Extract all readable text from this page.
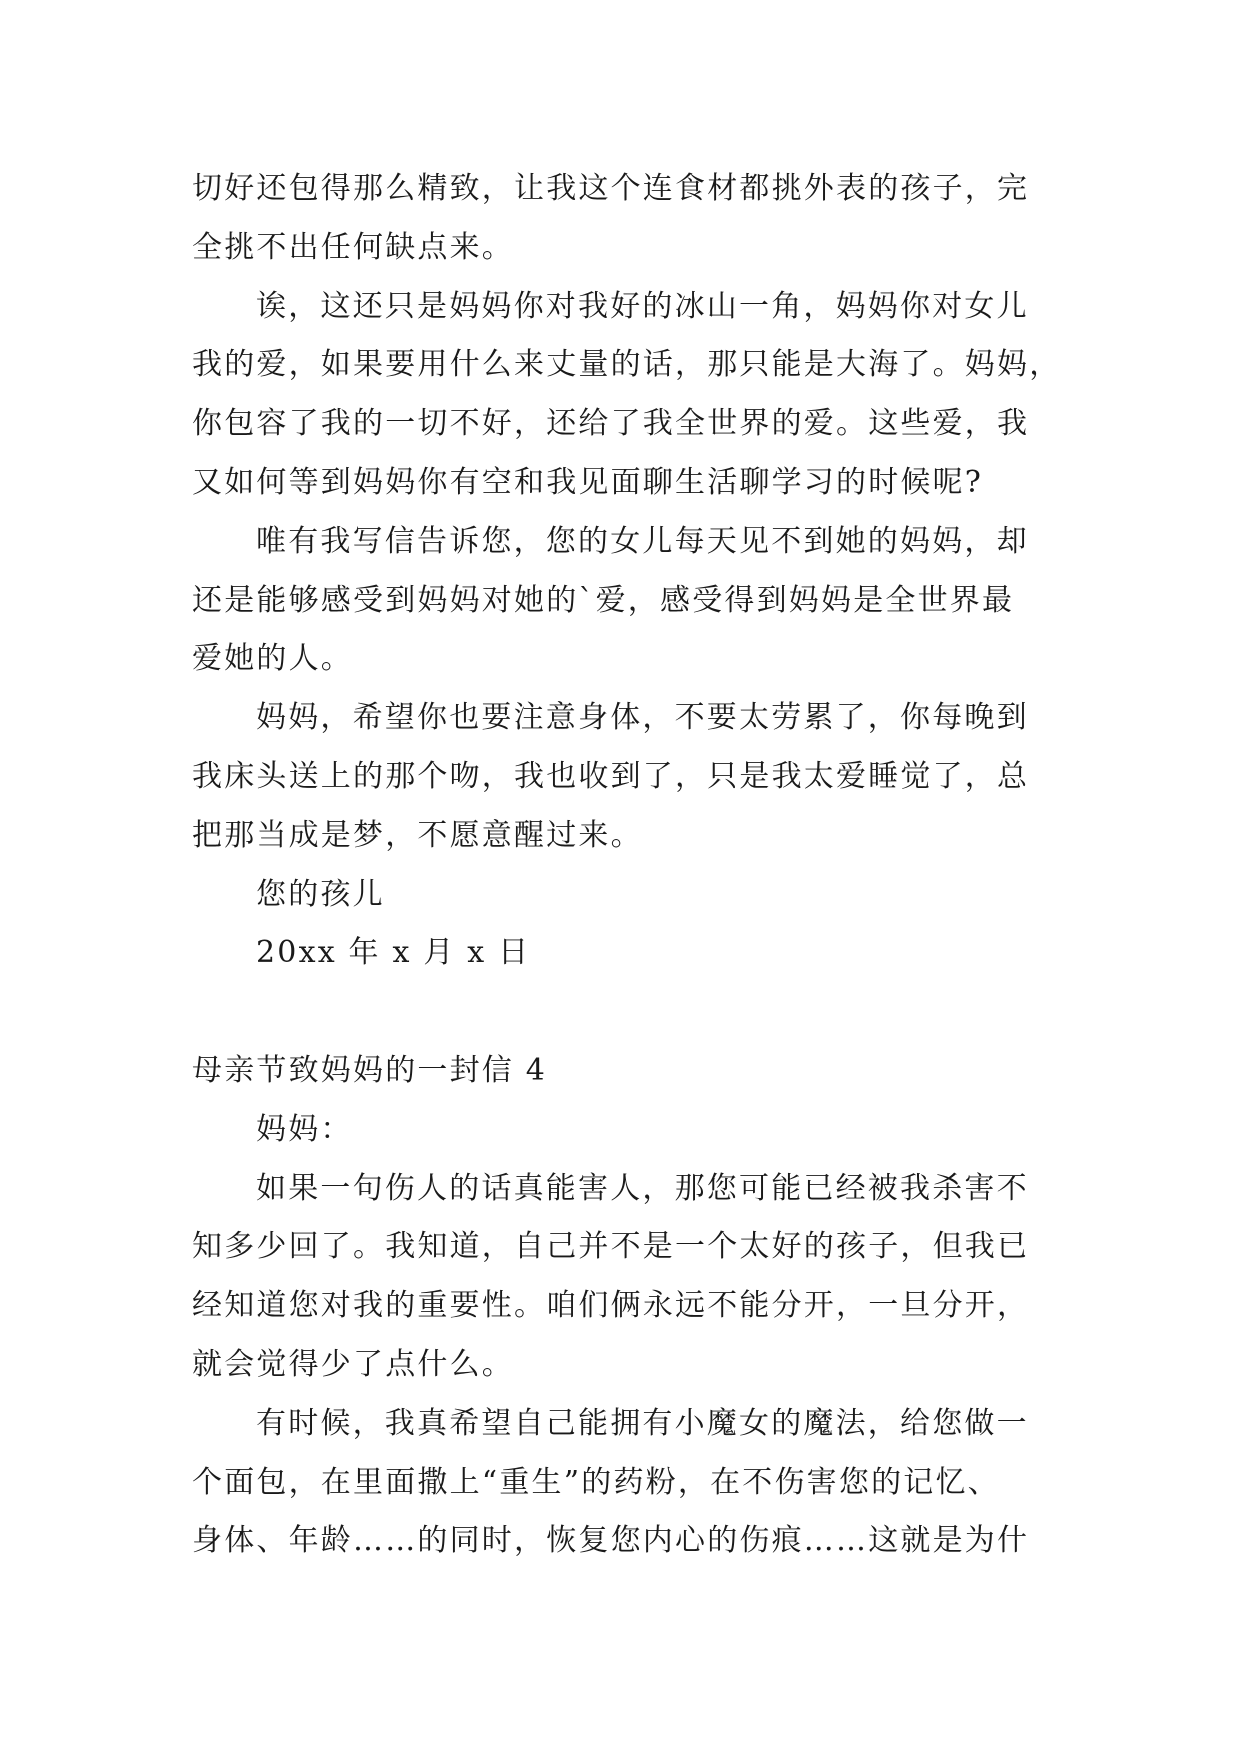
切好还包得那么精致，让我这个连食材都挑外表的孩子，完
全挑不出任何缺点来。
诶，这还只是妈妈你对我好的冰山一角，妈妈你对女儿
我的爱，如果要用什么来丈量的话，那只能是大海了。妈妈，
你包容了我的一切不好，还给了我全世界的爱。这些爱，我
又如何等到妈妈你有空和我见面聊生活聊学习的时候呢?
唯有我写信告诉您，您的女儿每天见不到她的妈妈，却
还是能够感受到妈妈对她的`爱，感受得到妈妈是全世界最
爱她的人。
妈妈，希望你也要注意身体，不要太劳累了，你每晚到
我床头送上的那个吻，我也收到了，只是我太爱睡觉了，总
把那当成是梦，不愿意醒过来。
您的孩儿
20xx 年 x 月 x 日
母亲节致妈妈的一封信 4
妈妈：
如果一句伤人的话真能害人，那您可能已经被我杀害不
知多少回了。我知道，自己并不是一个太好的孩子，但我已
经知道您对我的重要性。咱们俩永远不能分开，一旦分开，
就会觉得少了点什么。
有时候，我真希望自己能拥有小魔女的魔法，给您做一
个面包，在里面撒上“重生”的药粉，在不伤害您的记忆、
身体、年龄……的同时，恢复您内心的伤痕……这就是为什
